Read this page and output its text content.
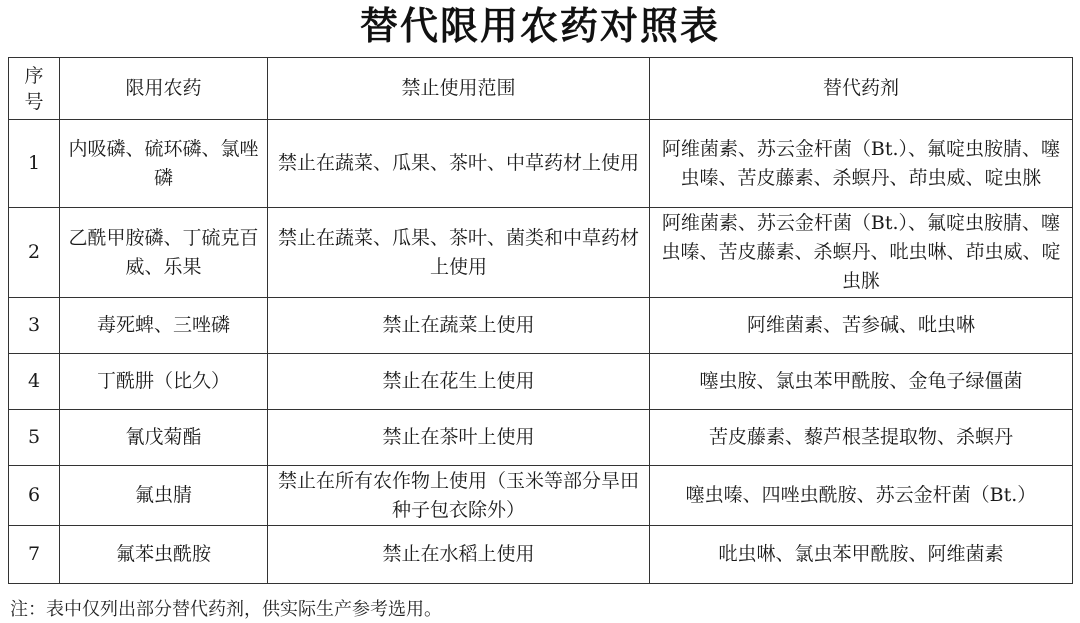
替代限用农药对照表
序
号	限用农药	禁止使用范围	替代药剂
1	内吸磷、硫环磷、氯唑磷	禁止在蔬菜、瓜果、茶叶、中草药材上使用	阿维菌素、苏云金杆菌（Bt.）、氟啶虫胺腈、噻虫嗪、苦皮藤素、杀螟丹、茚虫威、啶虫脒
2	乙酰甲胺磷、丁硫克百威、乐果	禁止在蔬菜、瓜果、茶叶、菌类和中草药材上使用	阿维菌素、苏云金杆菌（Bt.）、氟啶虫胺腈、噻虫嗪、苦皮藤素、杀螟丹、吡虫啉、茚虫威、啶虫脒
3	毒死蜱、三唑磷	禁止在蔬菜上使用	阿维菌素、苦参碱、吡虫啉
4	丁酰肼（比久）	禁止在花生上使用	噻虫胺、氯虫苯甲酰胺、金龟子绿僵菌
5	氰戊菊酯	禁止在茶叶上使用	苦皮藤素、藜芦根茎提取物、杀螟丹
6	氟虫腈	禁止在所有农作物上使用（玉米等部分旱田种子包衣除外）	噻虫嗪、四唑虫酰胺、苏云金杆菌（Bt.）
7	氟苯虫酰胺	禁止在水稻上使用	吡虫啉、氯虫苯甲酰胺、阿维菌素
注：表中仅列出部分替代药剂，供实际生产参考选用。
